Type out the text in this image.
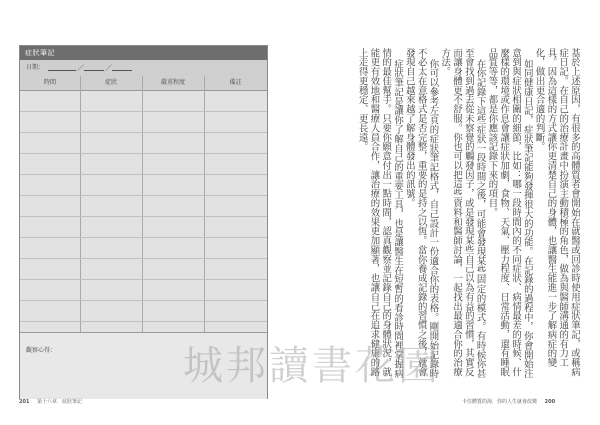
症狀筆記
日期：	／	／
時間	症狀	嚴重程度	備註
觀察心得：
201 第十六章．症狀筆記

基於上述原因，有很多的高體質者會開始在就醫或回診時使用症狀筆記，或稱病症日記。在自己的治療計畫中扮演主動積極的角色，做為與醫師溝通的有力工具。因為這樣的方式讓你更清楚自己的身體，也讓醫生能進一步了解病症的變化，做出更合適的判斷。

如同健康日記，症狀筆記能夠發揮很大的功能。在記錄的過程中，你會開始注意到與症狀相關的細節，比如：哪一段時間內的不同症狀、病情最差的時候、什麼樣的環境或作息會讓症狀加劇，食物、天氣、壓力程度、日常活動，還有睡眠品質等等，都是你應該記錄下來的項目。

在你記錄下這些症狀一段時間之後，可能會發現某些固定的模式。有時候你甚至會找到過去從未察覺的觸發因子，或是發現某些自己以為有益的習慣，其實反而讓身體更不舒服。你也可以把這些資料和醫師討論，一起找出最適合你的治療方法。

你可以參考左頁的症狀筆記格式，自己設計一份適合你的表格。剛開始記錄時不必太在意格式是否完整，重要的是持之以恆。當你養成記錄的習慣之後，就會發現自己越來越了解身體發出的訊號。

症狀筆記是讓你了解自己的重要工具，也是讓醫生在短暫的看診時間裡掌握病情的最佳幫手。只要你願意付出一點時間，認真觀察並記錄自己的身體狀況，就能更有效地和醫療人員合作，讓治療的效果更加顯著，也讓自己在追求健康的路上走得更穩定、更長遠。

卡住體質的海．你的人生就會改變 200
城邦讀書花園
